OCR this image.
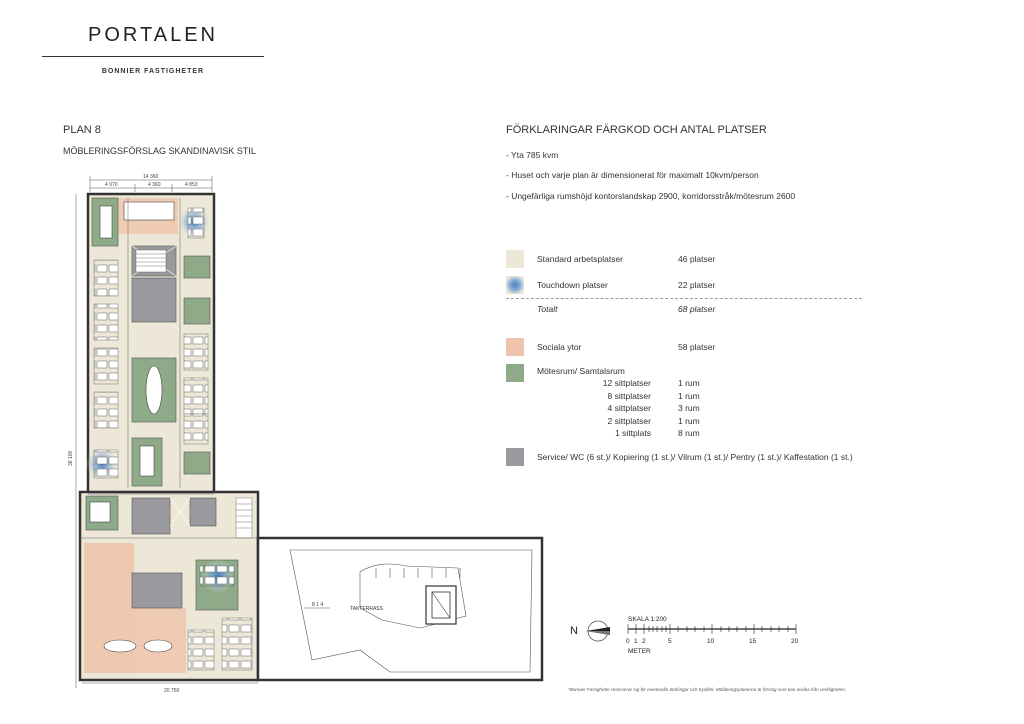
PORTALEN
BONNIER FASTIGHETER
PLAN 8
MÖBLERINGSFÖRSLAG SKANDINAVISK STIL
FÖRKLARINGAR FÄRGKOD OCH ANTAL PLATSER
- Yta 785 kvm
- Huset och varje plan är dimensionerat för maximalt 10kvm/person
- Ungefärliga rumshöjd kontorslandskap 2900, korridorsstråk/mötesrum 2600
Standard arbetsplatser	46 platser
Touchdown platser	22 platser
Totalt	68 platser
Sociala ytor	58 platser
Mötesrum/ Samtalsrum
12 sittplatser	1 rum
8 sittplatser	1 rum
4 sittplatser	3 rum
2 sittplatser	1 rum
1 sittplats	8 rum
Service/ WC (6 st.)/ Kopiering (1 st.)/ Vilrum (1 st.)/ Pentry (1 st.)/ Kaffestation (1 st.)
N
SKALA 1:200
0 1 2	5	10	15	20
METER
*Bonnier Fastigheter reserverar sig för eventuella ändringar och tryckfel. Möbleringsplanerna är förslag som kan avvika från verkligheten.
14 360
4 970	4 360	4 853
20 750
38 100
8 1 4
TAKTERRASS
